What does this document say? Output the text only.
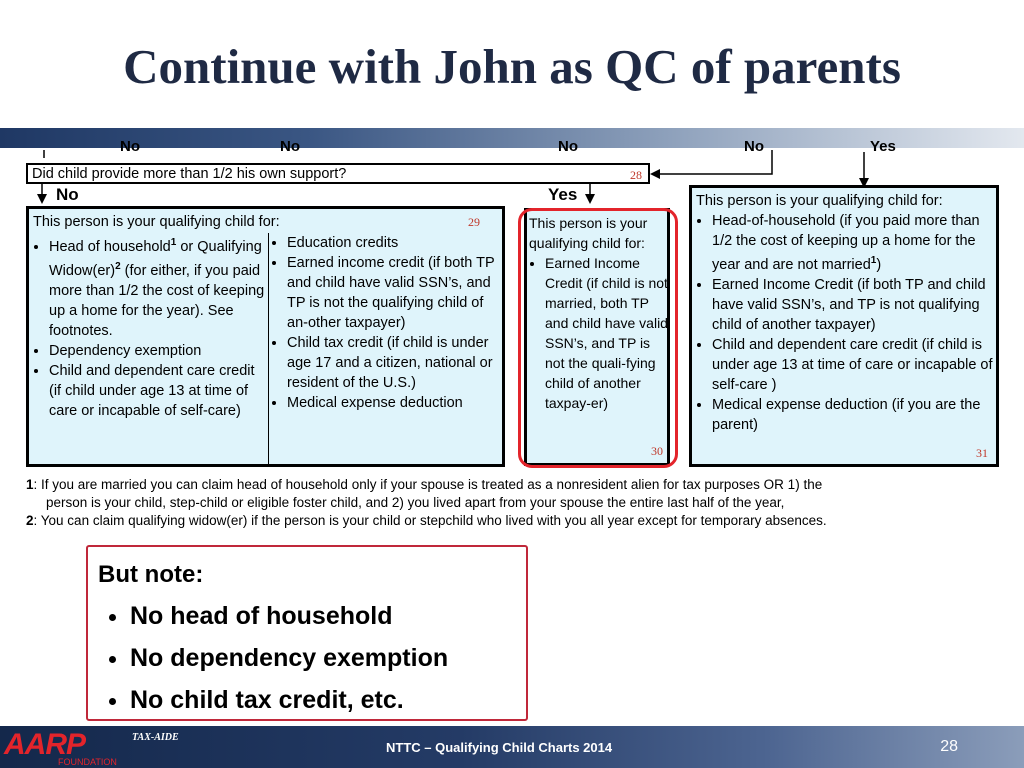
Continue with John as QC of parents
No	No	No	No	Yes
Did child provide more than 1/2 his own support?	28
No	Yes
This person is your qualifying child for:	29
• Head of household$^1$ or Qualifying Widow(er)$^2$ (for either, if you paid more than 1/2 the cost of keeping up a home for the year). See footnotes.
• Dependency exemption
• Child and dependent care credit (if child under age 13 at time of care or incapable of self-care)
• Education credits
• Earned income credit (if both TP and child have valid SSN’s, and TP is not the qualifying child of an-other taxpayer)
• Child tax credit (if child is under age 17 and a citizen, national or resident of the U.S.)
• Medical expense deduction
This person is your qualifying child for:
• Earned Income Credit (if child is not married, both TP and child have valid SSN’s, and TP is not the quali-fying child of another taxpay-er)
30
This person is your qualifying child for:
• Head-of-household (if you paid more than 1/2 the cost of keeping up a home for the year and are not married$^1$)
• Earned Income Credit (if both TP and child have valid SSN’s, and TP is not qualifying child of another taxpayer)
• Child and dependent care credit (if child is under age 13 at time of care or incapable of self-care )
• Medical expense deduction (if you are the parent)
31
1: If you are married you can claim head of household only if your spouse is treated as a nonresident alien for tax purposes OR 1) the
person is your child, step-child or eligible foster child, and 2) you lived apart from your spouse the entire last half of the year,
2: You can claim qualifying widow(er) if the person is your child or stepchild who lived with you all year except for temporary absences.
But note:
• No head of household
• No dependency exemption
• No child tax credit, etc.
AARP
FOUNDATION
TAX-AIDE
NTTC – Qualifying Child Charts 2014	28
